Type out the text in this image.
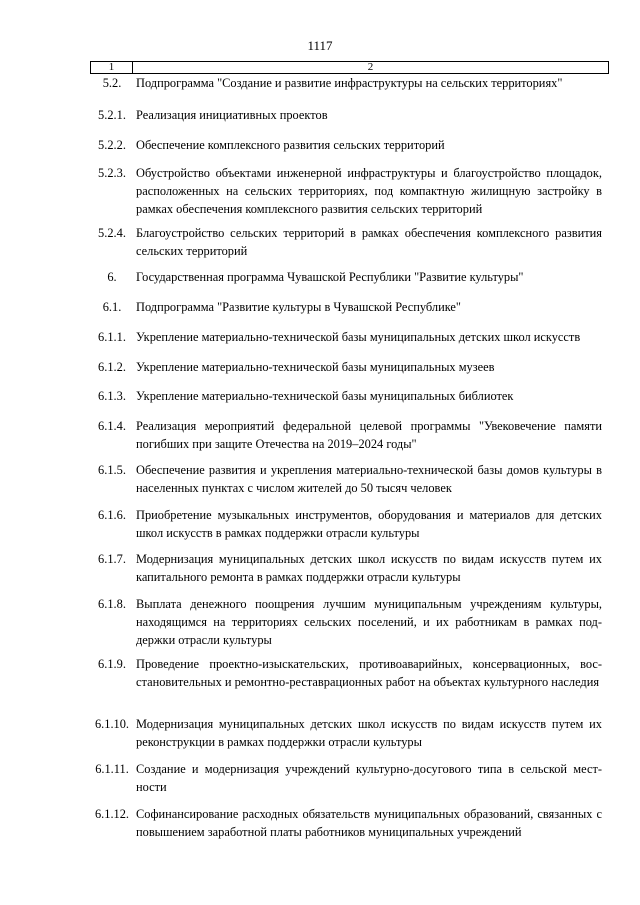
1117
1	2
5.2.	Подпрограмма "Создание и развитие инфраструктуры на сельских территориях"
5.2.1. Реализация инициативных проектов
5.2.2. Обеспечение комплексного развития сельских территорий
5.2.3. Обустройство объектами инженерной инфраструктуры и благоустройство площадок, расположенных на сельских территориях, под компактную жилищную застройку в рамках обеспечения комплексного развития сельских территорий
5.2.4. Благоустройство сельских территорий в рамках обеспечения комплексного развития сельских территорий
6.	Государственная программа Чувашской Республики "Развитие культуры"
6.1.	Подпрограмма "Развитие культуры в Чувашской Республике"
6.1.1. Укрепление материально-технической базы муниципальных детских школ искусств
6.1.2. Укрепление материально-технической базы муниципальных музеев
6.1.3. Укрепление материально-технической базы муниципальных библиотек
6.1.4. Реализация мероприятий федеральной целевой программы "Увековечение памяти погибших при защите Отечества на 2019–2024 годы"
6.1.5. Обеспечение развития и укрепления материально-технической базы домов культуры в населенных пунктах с числом жителей до 50 тысяч человек
6.1.6. Приобретение музыкальных инструментов, оборудования и материалов для детских школ искусств в рамках поддержки отрасли культуры
6.1.7. Модернизация муниципальных детских школ искусств по видам искусств путем их капитального ремонта в рамках поддержки отрасли культуры
6.1.8. Выплата денежного поощрения лучшим муниципальным учреждениям культуры, находящимся на территориях сельских поселений, и их работникам в рамках поддержки отрасли культуры
6.1.9. Проведение проектно-изыскательских, противоаварийных, консервационных, восстановительных и ремонтно-реставрационных работ на объектах культурного наследия
6.1.10. Модернизация муниципальных детских школ искусств по видам искусств путем их реконструкции в рамках поддержки отрасли культуры
6.1.11. Создание и модернизация учреждений культурно-досугового типа в сельской местности
6.1.12. Софинансирование расходных обязательств муниципальных образований, связанных с повышением заработной платы работников муниципальных учреждений
